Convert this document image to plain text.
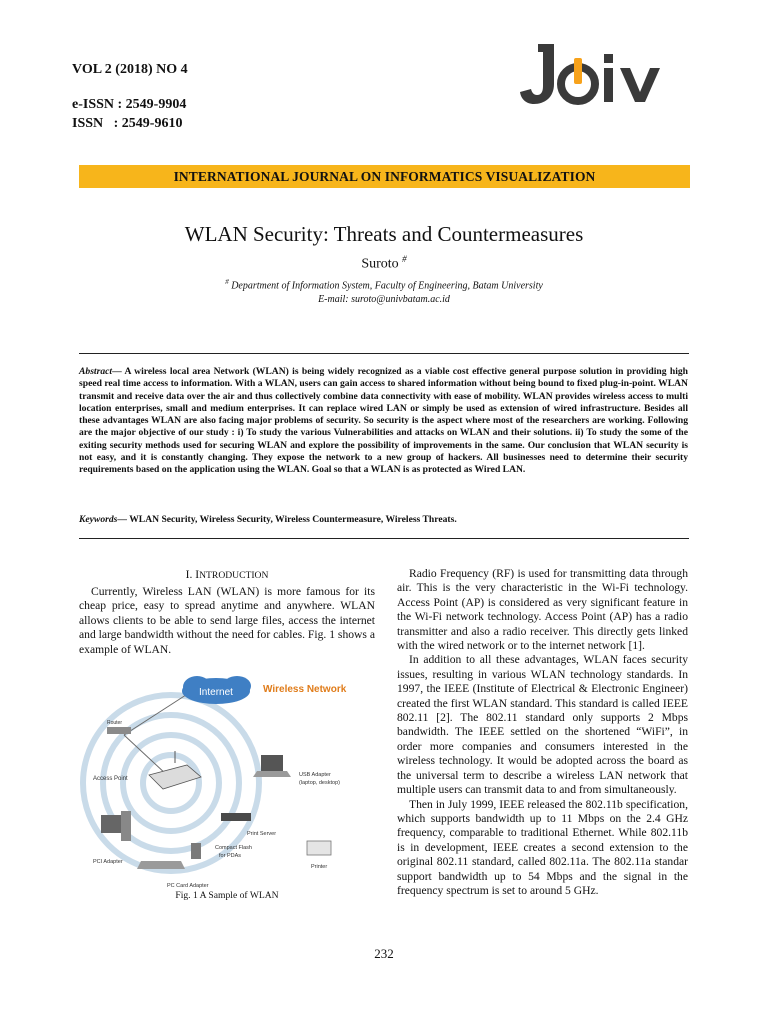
VOL 2 (2018) NO 4
e-ISSN : 2549-9904
ISSN   : 2549-9610
INTERNATIONAL JOURNAL ON INFORMATICS VISUALIZATION
WLAN Security: Threats and Countermeasures
Suroto #
# Department of Information System, Faculty of Engineering, Batam University
E-mail: suroto@univbatam.ac.id
Abstract— A wireless local area Network (WLAN) is being widely recognized as a viable cost effective general purpose solution in providing high speed real time access to information. With a WLAN, users can gain access to shared information without being bound to fixed plug-in-point. WLAN transmit and receive data over the air and thus collectively combine data connectivity with ease of mobility. WLAN provides wireless access to multi location enterprises, small and medium enterprises. It can replace wired LAN or simply be used as extension of wired infrastructure. Besides all these advantages WLAN are also facing major problems of security. So security is the aspect where most of the researchers are working. Following are the major objective of our study : i) To study the various Vulnerabilities and attacks on WLAN and their solutions. ii) To study the some of the exiting security methods used for securing WLAN and explore the possibility of improvements in the same. Our conclusion that WLAN security is not easy, and it is constantly changing. They expose the network to a new group of hackers. All businesses need to determine their security requirements based on the application using the WLAN. Goal so that a WLAN is as protected as Wired LAN.
Keywords— WLAN Security, Wireless Security, Wireless Countermeasure, Wireless Threats.
I. INTRODUCTION

Currently, Wireless LAN (WLAN) is more famous for its cheap price, easy to spread anytime and anywhere. WLAN allows clients to be able to send large files, access the internet and large bandwidth without the need for cables. Fig. 1 shows a example of WLAN.

Internet	Wireless Network
Router
Access Point
USB Adapter
(laptop, desktop)
Print Server
Printer
PCI Adapter
Compact Flash
for PDAs
PC Card Adapter
Fig. 1 A Sample of WLAN

Radio Frequency (RF) is used for transmitting data through air. This is the very characteristic in the Wi-Fi technology. Access Point (AP) is considered as very significant feature in the Wi-Fi network technology. Access Point (AP) has a radio transmitter and also a radio receiver. This directly gets linked with the wired network or to the internet network [1].

In addition to all these advantages, WLAN faces security issues, resulting in various WLAN technology standards. In 1997, the IEEE (Institute of Electrical & Electronic Engineer) created the first WLAN standard. This standard is called IEEE 802.11 [2]. The 802.11 standard only supports 2 Mbps bandwidth. The IEEE settled on the shortened “WiFi”, in order more companies and consumers interested in the wireless technology. It would be adopted across the board as the universal term to describe a wireless LAN network that multiple users can transmit data to and from simultaneously.

Then in July 1999, IEEE released the 802.11b specification, which supports bandwidth up to 11 Mbps on the 2.4 GHz frequency, comparable to traditional Ethernet. While 802.11b is in development, IEEE creates a second extension to the original 802.11 standard, called 802.11a. The 802.11a standar support bandwidth up to 54 Mbps and the signal in the frequency spectrum is set to around 5 GHz.

232
